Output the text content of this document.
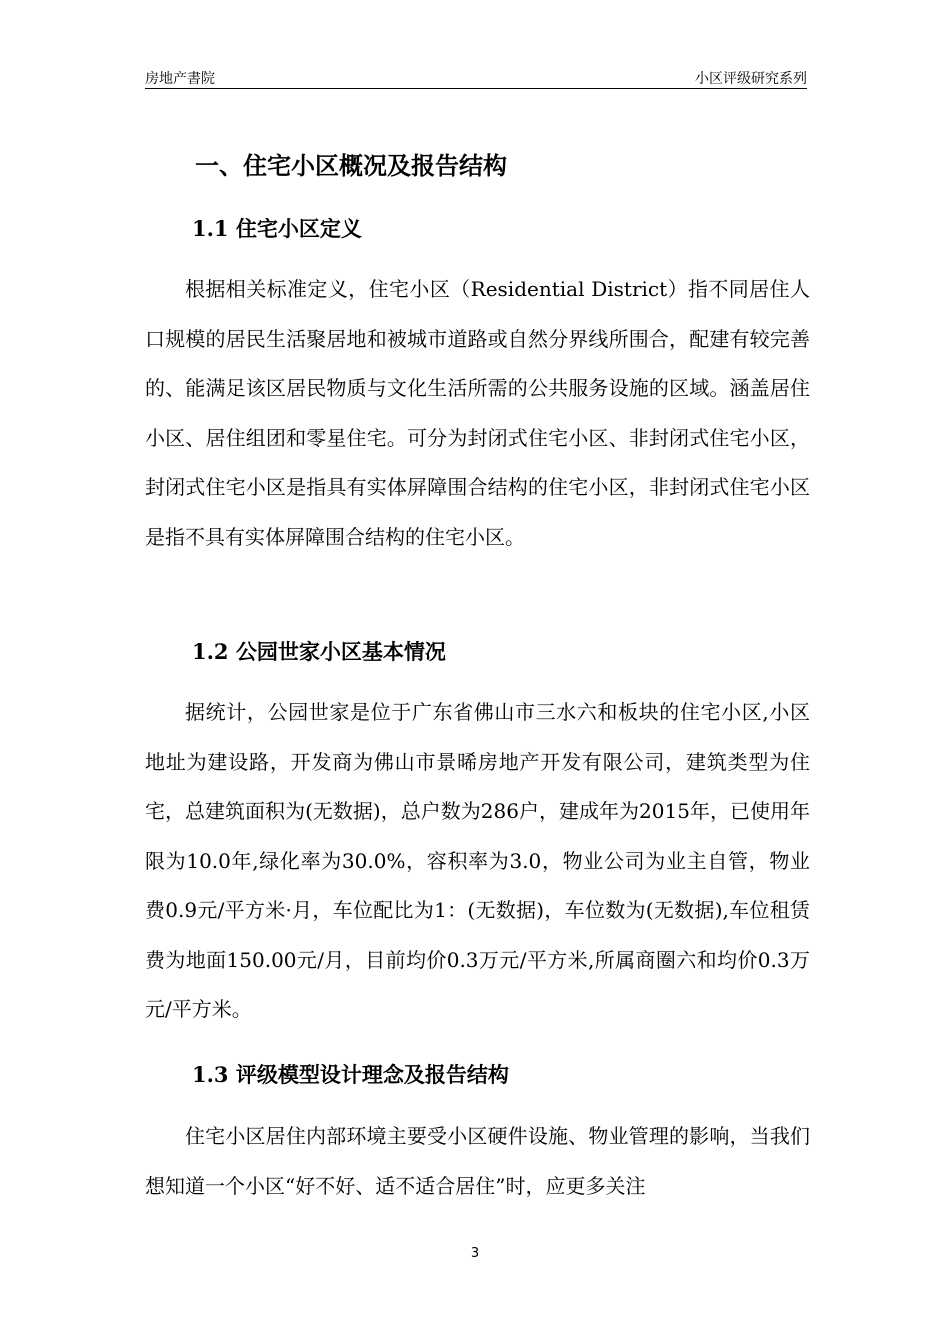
房地产書院	小区评级研究系列
一、住宅小区概况及报告结构
1.1 住宅小区定义

根据相关标准定义，住宅小区（Residential District）指不同居住人口规模的居民生活聚居地和被城市道路或自然分界线所围合，配建有较完善的、能满足该区居民物质与文化生活所需的公共服务设施的区域。涵盖居住小区、居住组团和零星住宅。可分为封闭式住宅小区、非封闭式住宅小区，封闭式住宅小区是指具有实体屏障围合结构的住宅小区，非封闭式住宅小区是指不具有实体屏障围合结构的住宅小区。

1.2 公园世家小区基本情况

据统计，公园世家是位于广东省佛山市三水六和板块的住宅小区,小区地址为建设路，开发商为佛山市景晞房地产开发有限公司，建筑类型为住宅，总建筑面积为(无数据)，总户数为286户，建成年为2015年，已使用年限为10.0年,绿化率为30.0%，容积率为3.0，物业公司为业主自管，物业费0.9元/平方米·月，车位配比为1：(无数据)，车位数为(无数据),车位租赁费为地面150.00元/月，目前均价0.3万元/平方米,所属商圈六和均价0.3万元/平方米。

1.3 评级模型设计理念及报告结构

住宅小区居住内部环境主要受小区硬件设施、物业管理的影响，当我们想知道一个小区“好不好、适不适合居住”时，应更多关注

3
